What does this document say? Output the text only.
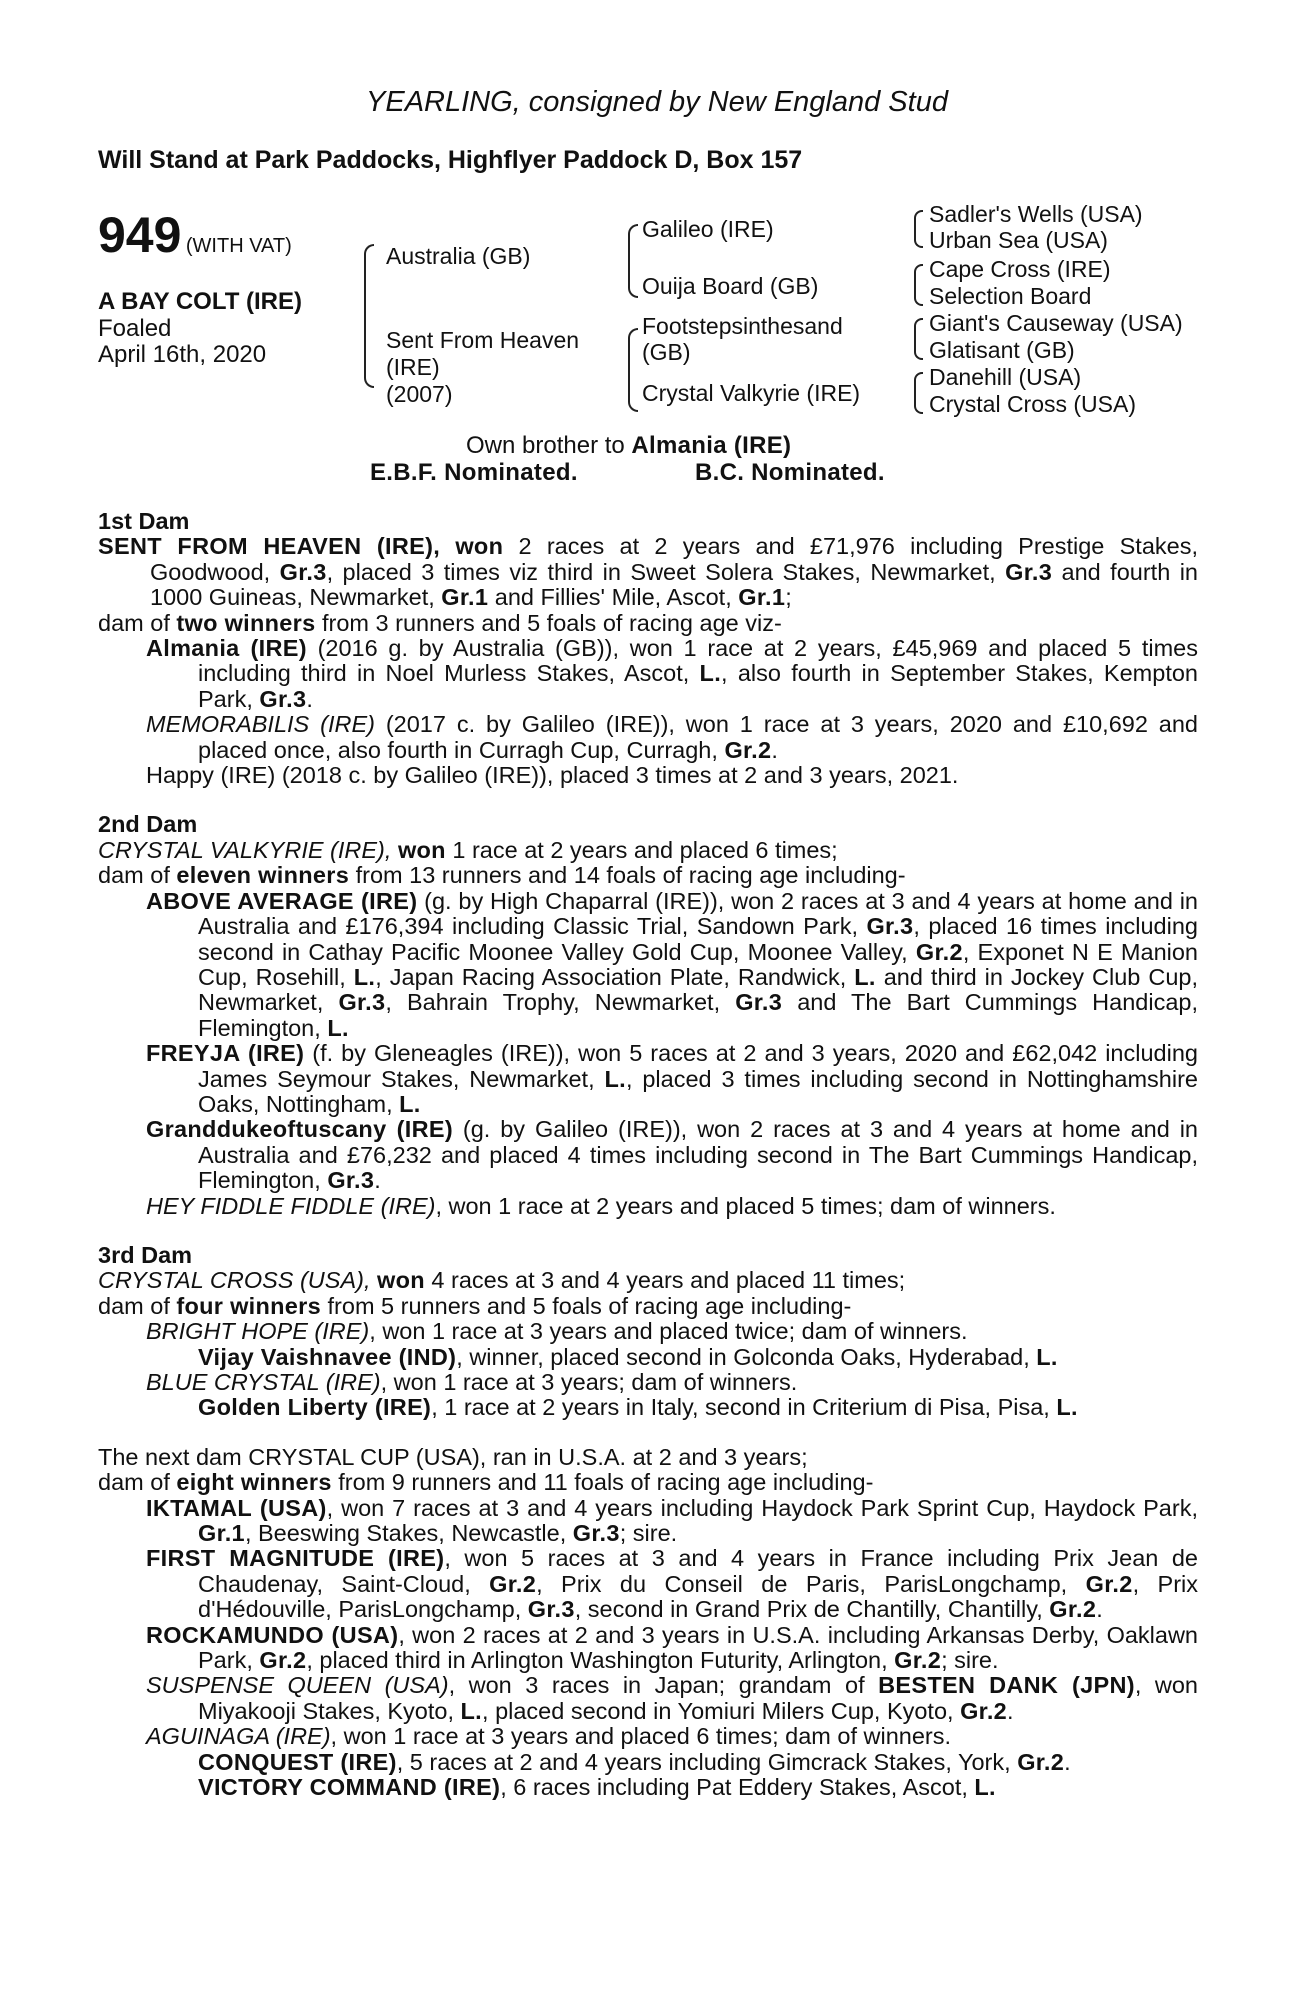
YEARLING, consigned by New England Stud
Will Stand at Park Paddocks, Highflyer Paddock D, Box 157
949 (WITH VAT)
A BAY COLT (IRE)
Foaled
April 16th, 2020
Australia (GB)
Sent From Heaven
(IRE)
(2007)
Galileo (IRE)
Ouija Board (GB)
Footstepsinthesand
(GB)
Crystal Valkyrie (IRE)
Sadler's Wells (USA)
Urban Sea (USA)
Cape Cross (IRE)
Selection Board
Giant's Causeway (USA)
Glatisant (GB)
Danehill (USA)
Crystal Cross (USA)
Own brother to Almania (IRE)
E.B.F. Nominated.	B.C. Nominated.

1st Dam

SENT FROM HEAVEN (IRE), won 2 races at 2 years and £71,976 including Prestige Stakes, Goodwood, Gr.3, placed 3 times viz third in Sweet Solera Stakes, Newmarket, Gr.3 and fourth in 1000 Guineas, Newmarket, Gr.1 and Fillies' Mile, Ascot, Gr.1;

dam of two winners from 3 runners and 5 foals of racing age viz-

Almania (IRE) (2016 g. by Australia (GB)), won 1 race at 2 years, £45,969 and placed 5 times including third in Noel Murless Stakes, Ascot, L., also fourth in September Stakes, Kempton Park, Gr.3.

MEMORABILIS (IRE) (2017 c. by Galileo (IRE)), won 1 race at 3 years, 2020 and £10,692 and placed once, also fourth in Curragh Cup, Curragh, Gr.2.

Happy (IRE) (2018 c. by Galileo (IRE)), placed 3 times at 2 and 3 years, 2021.

2nd Dam

CRYSTAL VALKYRIE (IRE), won 1 race at 2 years and placed 6 times;

dam of eleven winners from 13 runners and 14 foals of racing age including-

ABOVE AVERAGE (IRE) (g. by High Chaparral (IRE)), won 2 races at 3 and 4 years at home and in Australia and £176,394 including Classic Trial, Sandown Park, Gr.3, placed 16 times including second in Cathay Pacific Moonee Valley Gold Cup, Moonee Valley, Gr.2, Exponet N E Manion Cup, Rosehill, L., Japan Racing Association Plate, Randwick, L. and third in Jockey Club Cup, Newmarket, Gr.3, Bahrain Trophy, Newmarket, Gr.3 and The Bart Cummings Handicap, Flemington, L.

FREYJA (IRE) (f. by Gleneagles (IRE)), won 5 races at 2 and 3 years, 2020 and £62,042 including James Seymour Stakes, Newmarket, L., placed 3 times including second in Nottinghamshire Oaks, Nottingham, L.

Granddukeoftuscany (IRE) (g. by Galileo (IRE)), won 2 races at 3 and 4 years at home and in Australia and £76,232 and placed 4 times including second in The Bart Cummings Handicap, Flemington, Gr.3.

HEY FIDDLE FIDDLE (IRE), won 1 race at 2 years and placed 5 times; dam of winners.

3rd Dam

CRYSTAL CROSS (USA), won 4 races at 3 and 4 years and placed 11 times;

dam of four winners from 5 runners and 5 foals of racing age including-

BRIGHT HOPE (IRE), won 1 race at 3 years and placed twice; dam of winners.

Vijay Vaishnavee (IND), winner, placed second in Golconda Oaks, Hyderabad, L.

BLUE CRYSTAL (IRE), won 1 race at 3 years; dam of winners.

Golden Liberty (IRE), 1 race at 2 years in Italy, second in Criterium di Pisa, Pisa, L.

The next dam CRYSTAL CUP (USA), ran in U.S.A. at 2 and 3 years;

dam of eight winners from 9 runners and 11 foals of racing age including-

IKTAMAL (USA), won 7 races at 3 and 4 years including Haydock Park Sprint Cup, Haydock Park, Gr.1, Beeswing Stakes, Newcastle, Gr.3; sire.

FIRST MAGNITUDE (IRE), won 5 races at 3 and 4 years in France including Prix Jean de Chaudenay, Saint-Cloud, Gr.2, Prix du Conseil de Paris, ParisLongchamp, Gr.2, Prix d'Hédouville, ParisLongchamp, Gr.3, second in Grand Prix de Chantilly, Chantilly, Gr.2.

ROCKAMUNDO (USA), won 2 races at 2 and 3 years in U.S.A. including Arkansas Derby, Oaklawn Park, Gr.2, placed third in Arlington Washington Futurity, Arlington, Gr.2; sire.

SUSPENSE QUEEN (USA), won 3 races in Japan; grandam of BESTEN DANK (JPN), won Miyakooji Stakes, Kyoto, L., placed second in Yomiuri Milers Cup, Kyoto, Gr.2.

AGUINAGA (IRE), won 1 race at 3 years and placed 6 times; dam of winners.

CONQUEST (IRE), 5 races at 2 and 4 years including Gimcrack Stakes, York, Gr.2.

VICTORY COMMAND (IRE), 6 races including Pat Eddery Stakes, Ascot, L.
